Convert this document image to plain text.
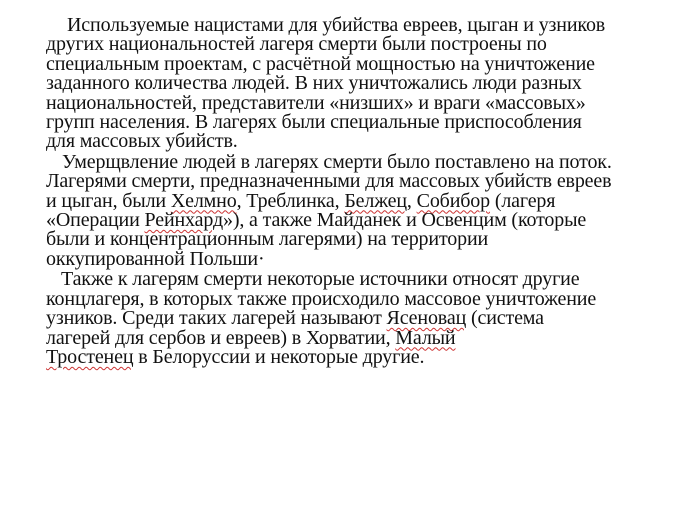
Используемые нацистами для убийства евреев, цыган и узников
других национальностей лагеря смерти были построены по
специальным проектам, с расчётной мощностью на уничтожение
заданного количества людей. В них уничтожались люди разных
национальностей, представители «низших» и враги «массовых»
групп населения. В лагерях были специальные приспособления
для массовых убийств.
Умерщвление людей в лагерях смерти было поставлено на поток.
Лагерями смерти, предназначенными для массовых убийств евреев
и цыган, были Хелмно, Треблинка, Белжец, Собибор (лагеря
«Операции Рейнхард»), а также Майданек и Освенцим (которые
были и концентрационным лагерями) на территории
оккупированной Польши·
Также к лагерям смерти некоторые источники относят другие
концлагеря, в которых также происходило массовое уничтожение
узников. Среди таких лагерей называют Ясеновац (система
лагерей для сербов и евреев) в Хорватии, Малый
Тростенец в Белоруссии и некоторые другие.
